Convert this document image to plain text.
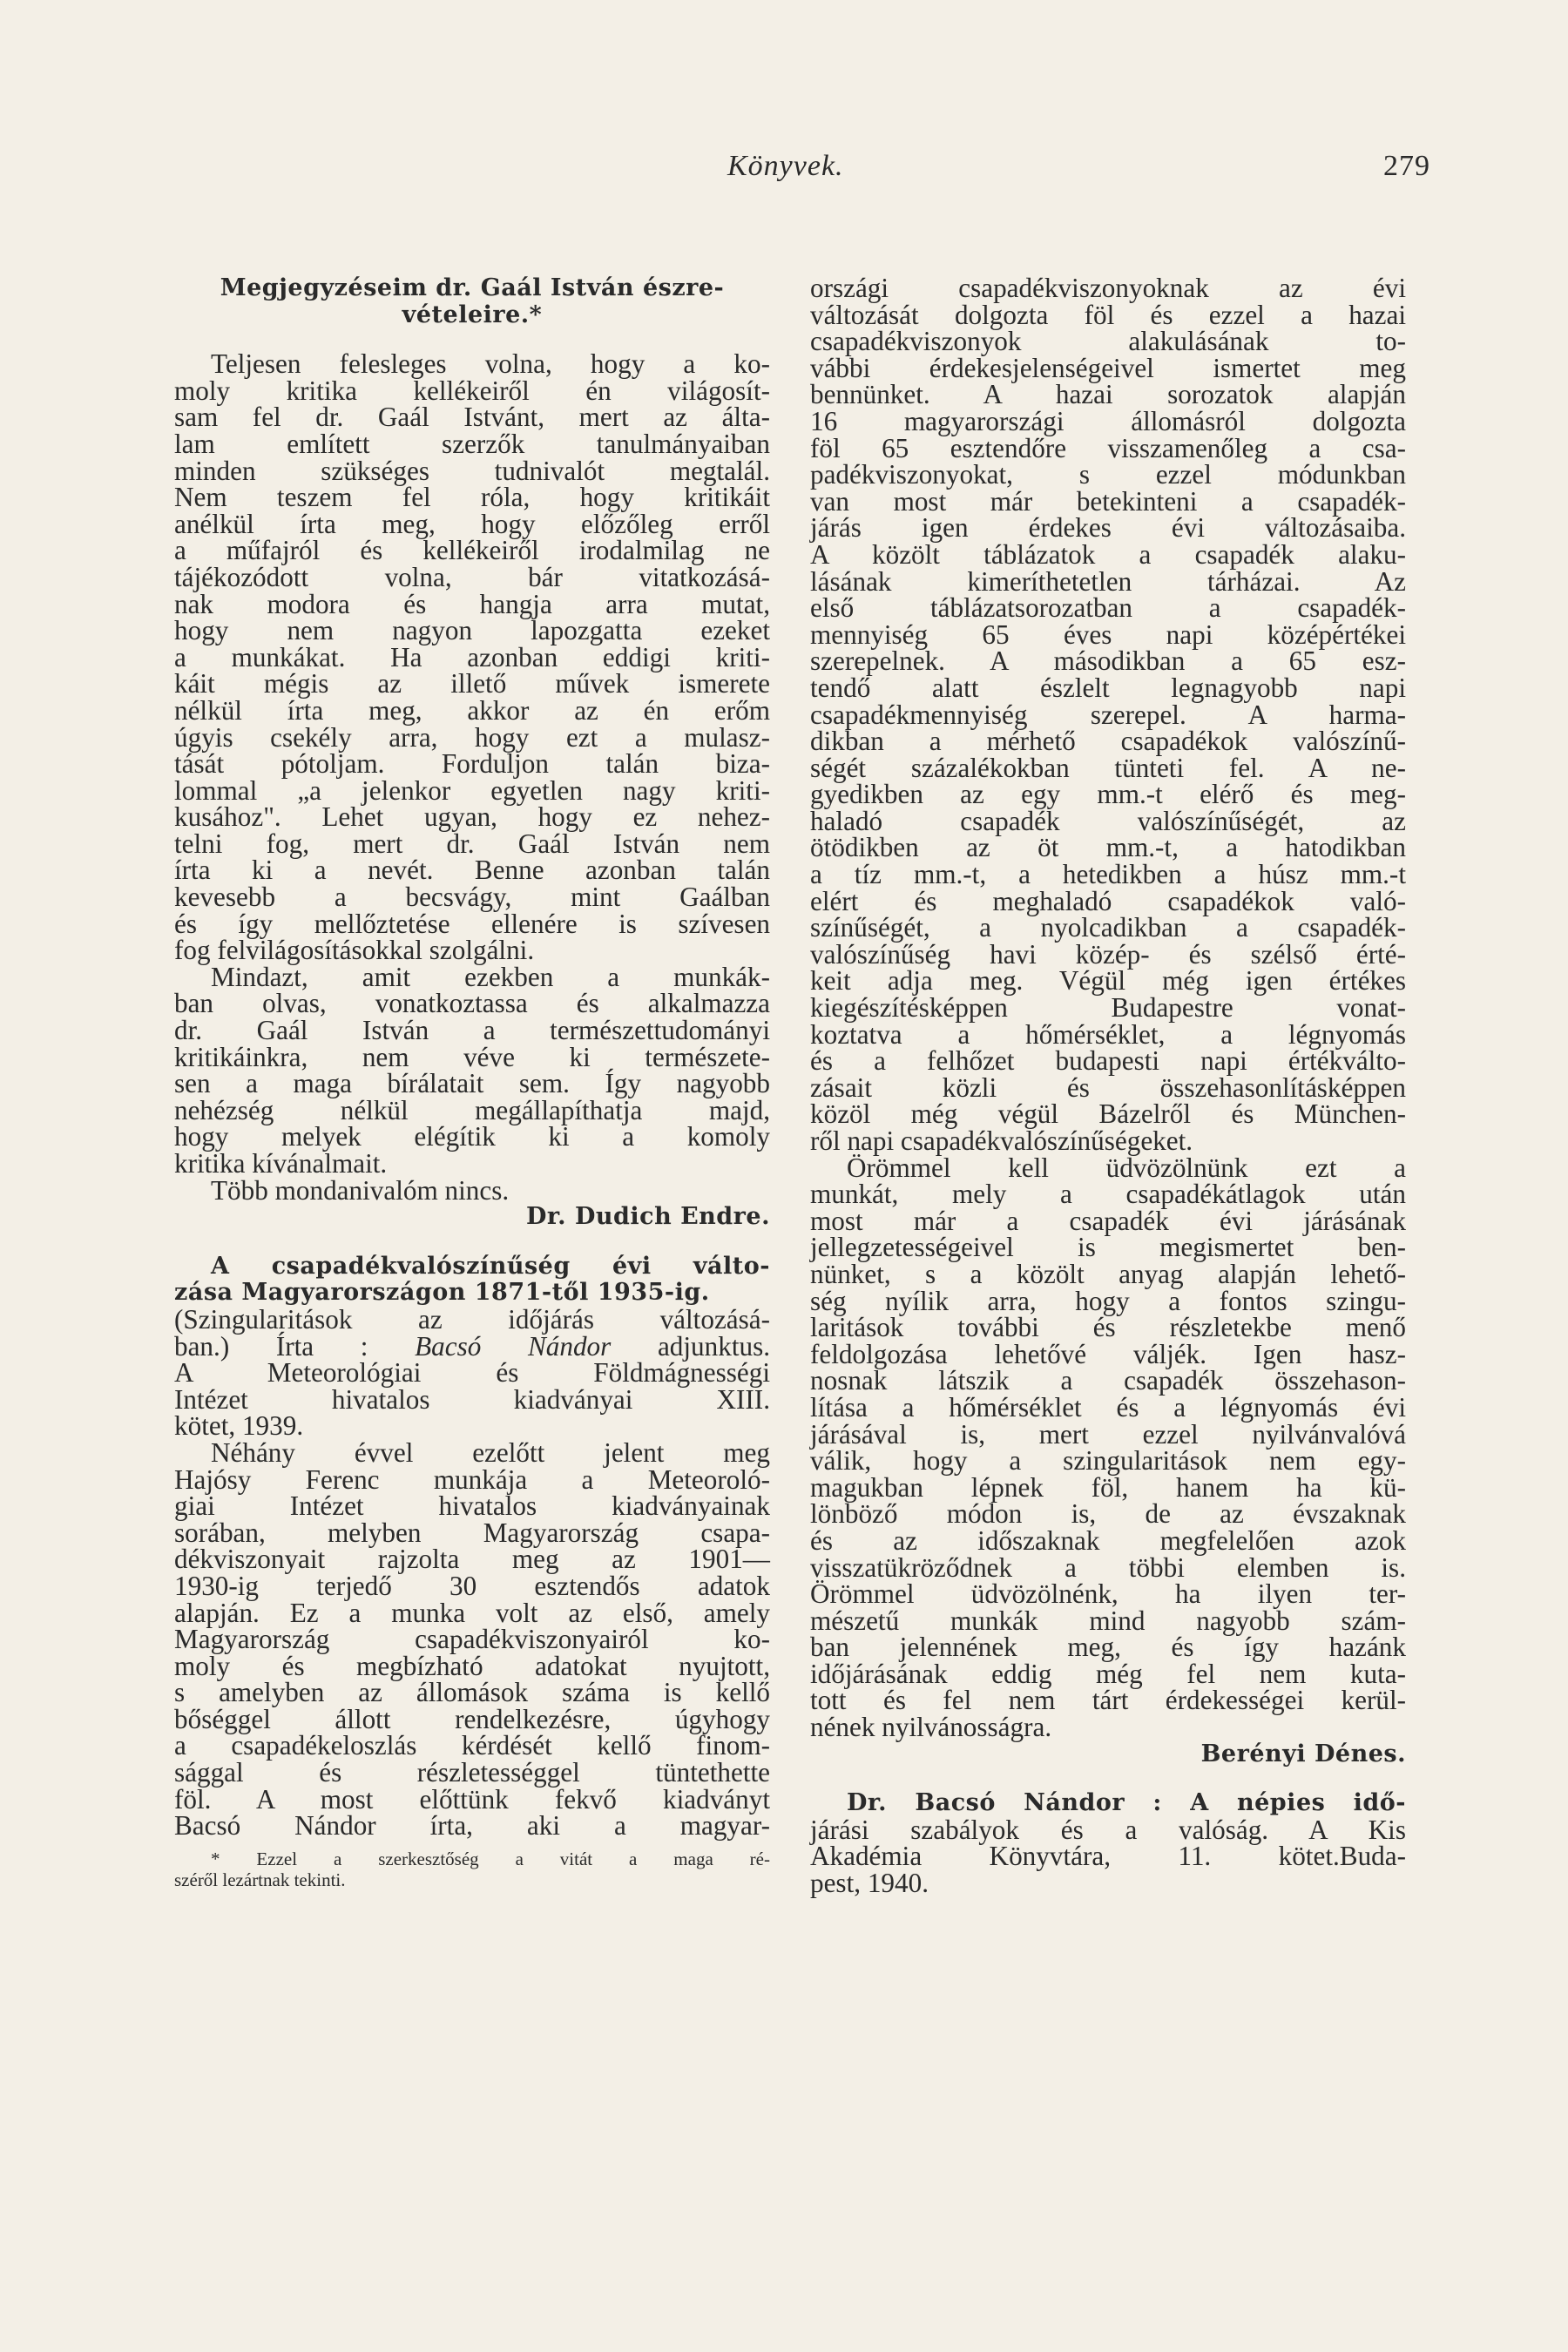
Könyvek.	279
Megjegyzéseim dr. Gaál István észre-
vételeire.*
Teljesen felesleges volna, hogy a ko-
moly kritika kellékeiről én világosít-
sam fel dr. Gaál Istvánt, mert az álta-
lam említett szerzők tanulmányaiban
minden szükséges tudnivalót megtalál.
Nem teszem fel róla, hogy kritikáit
anélkül írta meg, hogy előzőleg erről
a műfajról és kellékeiről irodalmilag ne
tájékozódott volna, bár vitatkozásá-
nak modora és hangja arra mutat,
hogy nem nagyon lapozgatta ezeket
a munkákat. Ha azonban eddigi kriti-
káit mégis az illető művek ismerete
nélkül írta meg, akkor az én erőm
úgyis csekély arra, hogy ezt a mulasz-
tását pótoljam. Forduljon talán biza-
lommal „a jelenkor egyetlen nagy kriti-
kusához". Lehet ugyan, hogy ez nehez-
telni fog, mert dr. Gaál István nem
írta ki a nevét. Benne azonban talán
kevesebb a becsvágy, mint Gaálban
és így mellőztetése ellenére is szívesen
fog felvilágosításokkal szolgálni.
Mindazt, amit ezekben a munkák-
ban olvas, vonatkoztassa és alkalmazza
dr. Gaál István a természettudományi
kritikáinkra, nem véve ki természete-
sen a maga bírálatait sem. Így nagyobb
nehézség nélkül megállapíthatja majd,
hogy melyek elégítik ki a komoly
kritika kívánalmait.
Több mondanivalóm nincs.
Dr. Dudich Endre.
A csapadékvalószínűség évi válto-
zása Magyarországon 1871-től 1935-ig.
(Szingularitások az időjárás változásá-
ban.) Írta : Bacsó Nándor adjunktus.
A Meteorológiai és Földmágnességi
Intézet hivatalos kiadványai XIII.
kötet, 1939.
Néhány évvel ezelőtt jelent meg
Hajósy Ferenc munkája a Meteoroló-
giai Intézet hivatalos kiadványainak
sorában, melyben Magyarország csapa-
dékviszonyait rajzolta meg az 1901—
1930-ig terjedő 30 esztendős adatok
alapján. Ez a munka volt az első, amely
Magyarország csapadékviszonyairól ko-
moly és megbízható adatokat nyujtott,
s amelyben az állomások száma is kellő
bőséggel állott rendelkezésre, úgyhogy
a csapadékeloszlás kérdését kellő finom-
sággal és részletességgel tüntethette
föl. A most előttünk fekvő kiadványt
Bacsó Nándor írta, aki a magyar-
* Ezzel a szerkesztőség a vitát a maga ré-
széről lezártnak tekinti.
országi csapadékviszonyoknak az évi
változását dolgozta föl és ezzel a hazai
csapadékviszonyok alakulásának to-
vábbi érdekesjelenségeivel ismertet meg
bennünket. A hazai sorozatok alapján
16 magyarországi állomásról dolgozta
föl 65 esztendőre visszamenőleg a csa-
padékviszonyokat, s ezzel módunkban
van most már betekinteni a csapadék-
járás igen érdekes évi változásaiba.
A közölt táblázatok a csapadék alaku-
lásának kimeríthetetlen tárházai. Az
első táblázatsorozatban a csapadék-
mennyiség 65 éves napi középértékei
szerepelnek. A másodikban a 65 esz-
tendő alatt észlelt legnagyobb napi
csapadékmennyiség szerepel. A harma-
dikban a mérhető csapadékok valószínű-
ségét százalékokban tünteti fel. A ne-
gyedikben az egy mm.-t elérő és meg-
haladó csapadék valószínűségét, az
ötödikben az öt mm.-t, a hatodikban
a tíz mm.-t, a hetedikben a húsz mm.-t
elért és meghaladó csapadékok való-
színűségét, a nyolcadikban a csapadék-
valószínűség havi közép- és szélső érté-
keit adja meg. Végül még igen értékes
kiegészítésképpen Budapestre vonat-
koztatva a hőmérséklet, a légnyomás
és a felhőzet budapesti napi értékváltо-
zásait közli és összehasonlításképpen
közöl még végül Bázelről és München-
ről napi csapadékvalószínűségeket.
Örömmel kell üdvözölnünk ezt a
munkát, mely a csapadékátlagok után
most már a csapadék évi járásának
jellegzetességeivel is megismertet ben-
nünket, s a közölt anyag alapján lehető-
ség nyílik arra, hogy a fontos szingu-
laritások további és részletekbe menő
feldolgozása lehetővé váljék. Igen hasz-
nosnak látszik a csapadék összehason-
lítása a hőmérséklet és a légnyomás évi
járásával is, mert ezzel nyilvánvalóvá
válik, hogy a szingularitások nem egy-
magukban lépnek föl, hanem ha kü-
lönböző módon is, de az évszaknak
és az időszaknak megfelelően azok
visszatükröződnek a többi elemben is.
Örömmel üdvözölnénk, ha ilyen ter-
mészetű munkák mind nagyobb szám-
ban jelennének meg, és így hazánk
időjárásának eddig még fel nem kuta-
tott és fel nem tárt érdekességei kerül-
nének nyilvánosságra.
Berényi Dénes.
Dr. Bacsó Nándor : A népies idő-
járási szabályok és a valóság. A Kis
Akadémia Könyvtára, 11. kötet.Buda-
pest, 1940.
